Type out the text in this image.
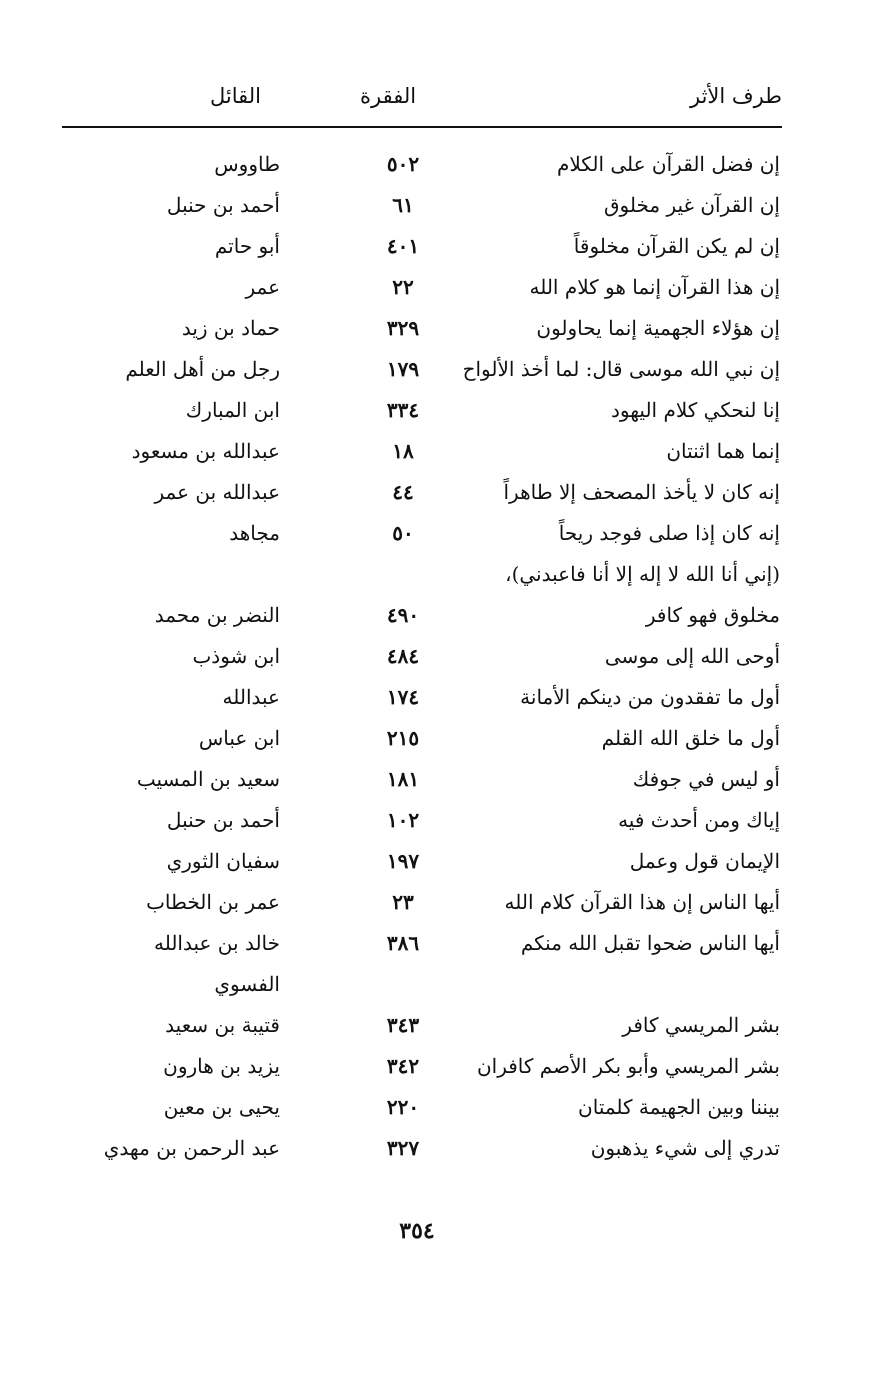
طرف الأثر
الفقرة
القائل
إن فضل القرآن على الكلام
٥٠٢
طاووس
إن القرآن غير مخلوق
٦١
أحمد بن حنبل
إن لم يكن القرآن مخلوقاً
٤٠١
أبو حاتم
إن هذا القرآن إنما هو كلام الله
٢٢
عمر
إن هؤلاء الجهمية إنما يحاولون
٣٢٩
حماد بن زيد
إن نبي الله موسى قال: لما أخذ الألواح
١٧٩
رجل من أهل العلم
إنا لنحكي كلام اليهود
٣٣٤
ابن المبارك
إنما هما اثنتان
١٨
عبدالله بن مسعود
إنه كان لا يأخذ المصحف إلا طاهراً
٤٤
عبدالله بن عمر
إنه كان إذا صلى فوجد ريحاً
٥٠
مجاهد
(إني أنا الله لا إله إلا أنا فاعبدني)،
مخلوق فهو كافر
٤٩٠
النضر بن محمد
أوحى الله إلى موسى
٤٨٤
ابن شوذب
أول ما تفقدون من دينكم الأمانة
١٧٤
عبدالله
أول ما خلق الله القلم
٢١٥
ابن عباس
أو ليس في جوفك
١٨١
سعيد بن المسيب
إياك ومن أحدث فيه
١٠٢
أحمد بن حنبل
الإيمان قول وعمل
١٩٧
سفيان الثوري
أيها الناس إن هذا القرآن كلام الله
٢٣
عمر بن الخطاب
أيها الناس ضحوا تقبل الله منكم
٣٨٦
خالد بن عبدالله
الفسوي
بشر المريسي كافر
٣٤٣
قتيبة بن سعيد
بشر المريسي وأبو بكر الأصم كافران
٣٤٢
يزيد بن هارون
بيننا وبين الجهيمة كلمتان
٢٢٠
يحيى بن معين
تدري إلى شيء يذهبون
٣٢٧
عبد الرحمن بن مهدي
٣٥٤
